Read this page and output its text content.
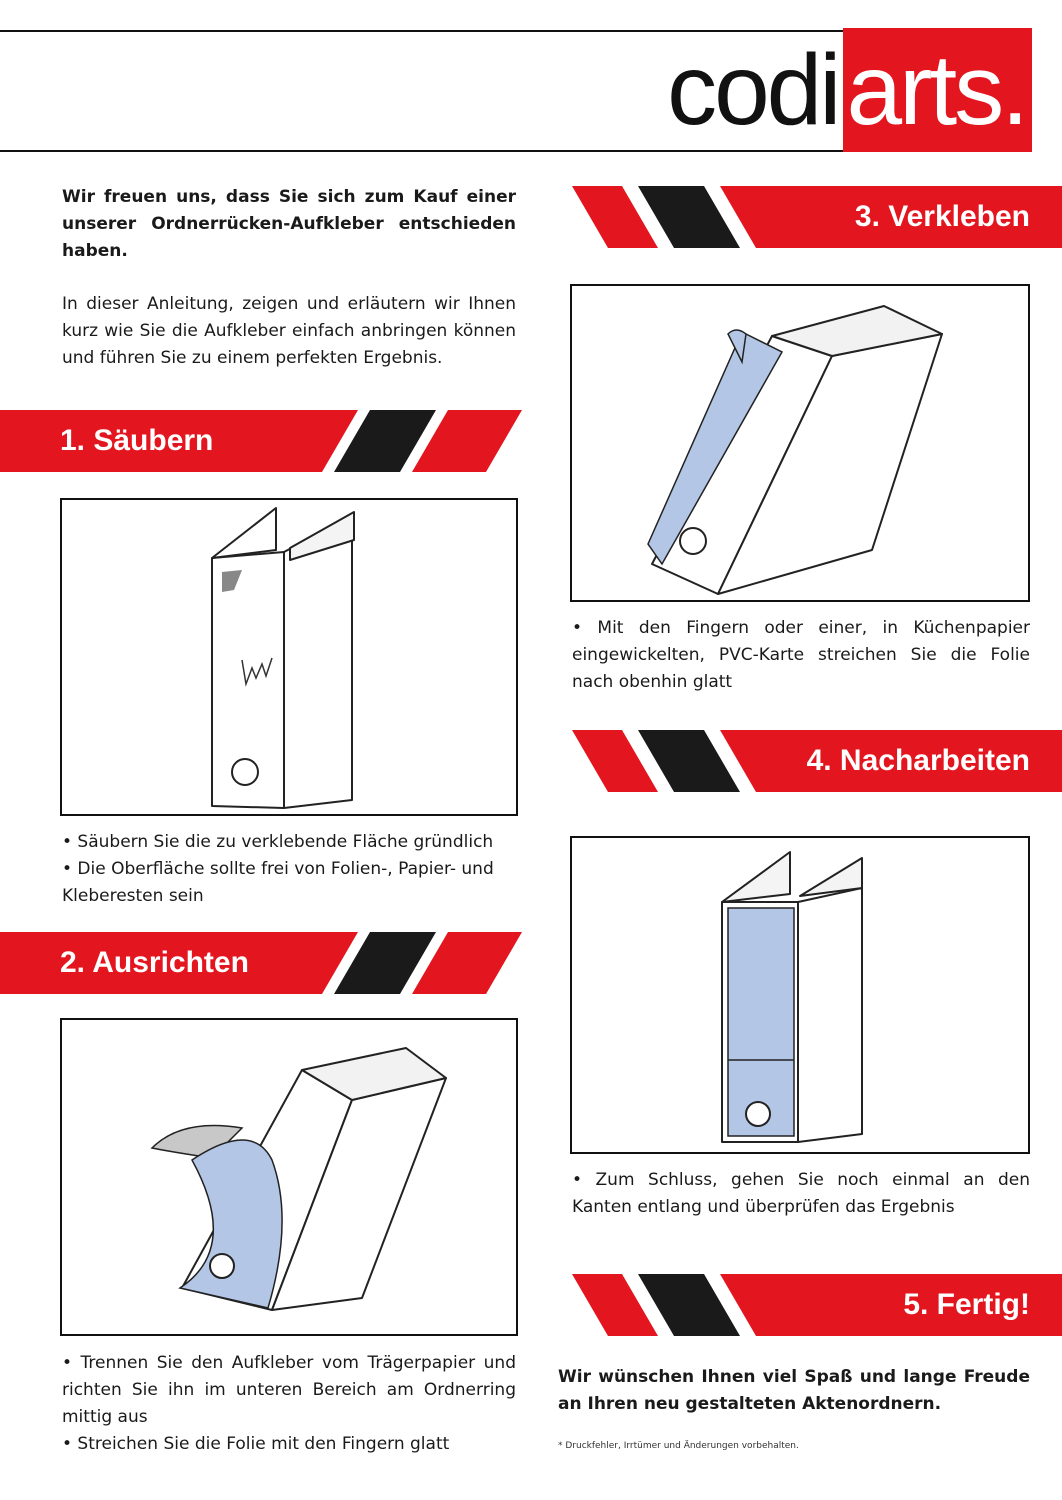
codiarts.

Wir freuen uns, dass Sie sich zum Kauf einer unserer Ordnerrücken-Aufkleber entschieden haben.

In dieser Anleitung, zeigen und erläutern wir Ihnen kurz wie Sie die Aufkleber einfach anbringen können und führen Sie zu einem perfekten Ergebnis.

1. Säubern
• Säubern Sie die zu verklebende Fläche gründlich
• Die Oberfläche sollte frei von Folien-, Papier- und Kleberesten sein
2. Ausrichten
• Trennen Sie den Aufkleber vom Trägerpapier und richten Sie ihn im unteren Bereich am Ordnerring mittig aus
• Streichen Sie die Folie mit den Fingern glatt
3. Verkleben
• Mit den Fingern oder einer, in Küchenpapier eingewickelten, PVC-Karte streichen Sie die Folie nach obenhin glatt
4. Nacharbeiten
• Zum Schluss, gehen Sie noch einmal an den Kanten entlang und überprüfen das Ergebnis
5. Fertig!

Wir wünschen Ihnen viel Spaß und lange Freude an Ihren neu gestalteten Aktenordnern.

* Druckfehler, Irrtümer und Änderungen vorbehalten.
